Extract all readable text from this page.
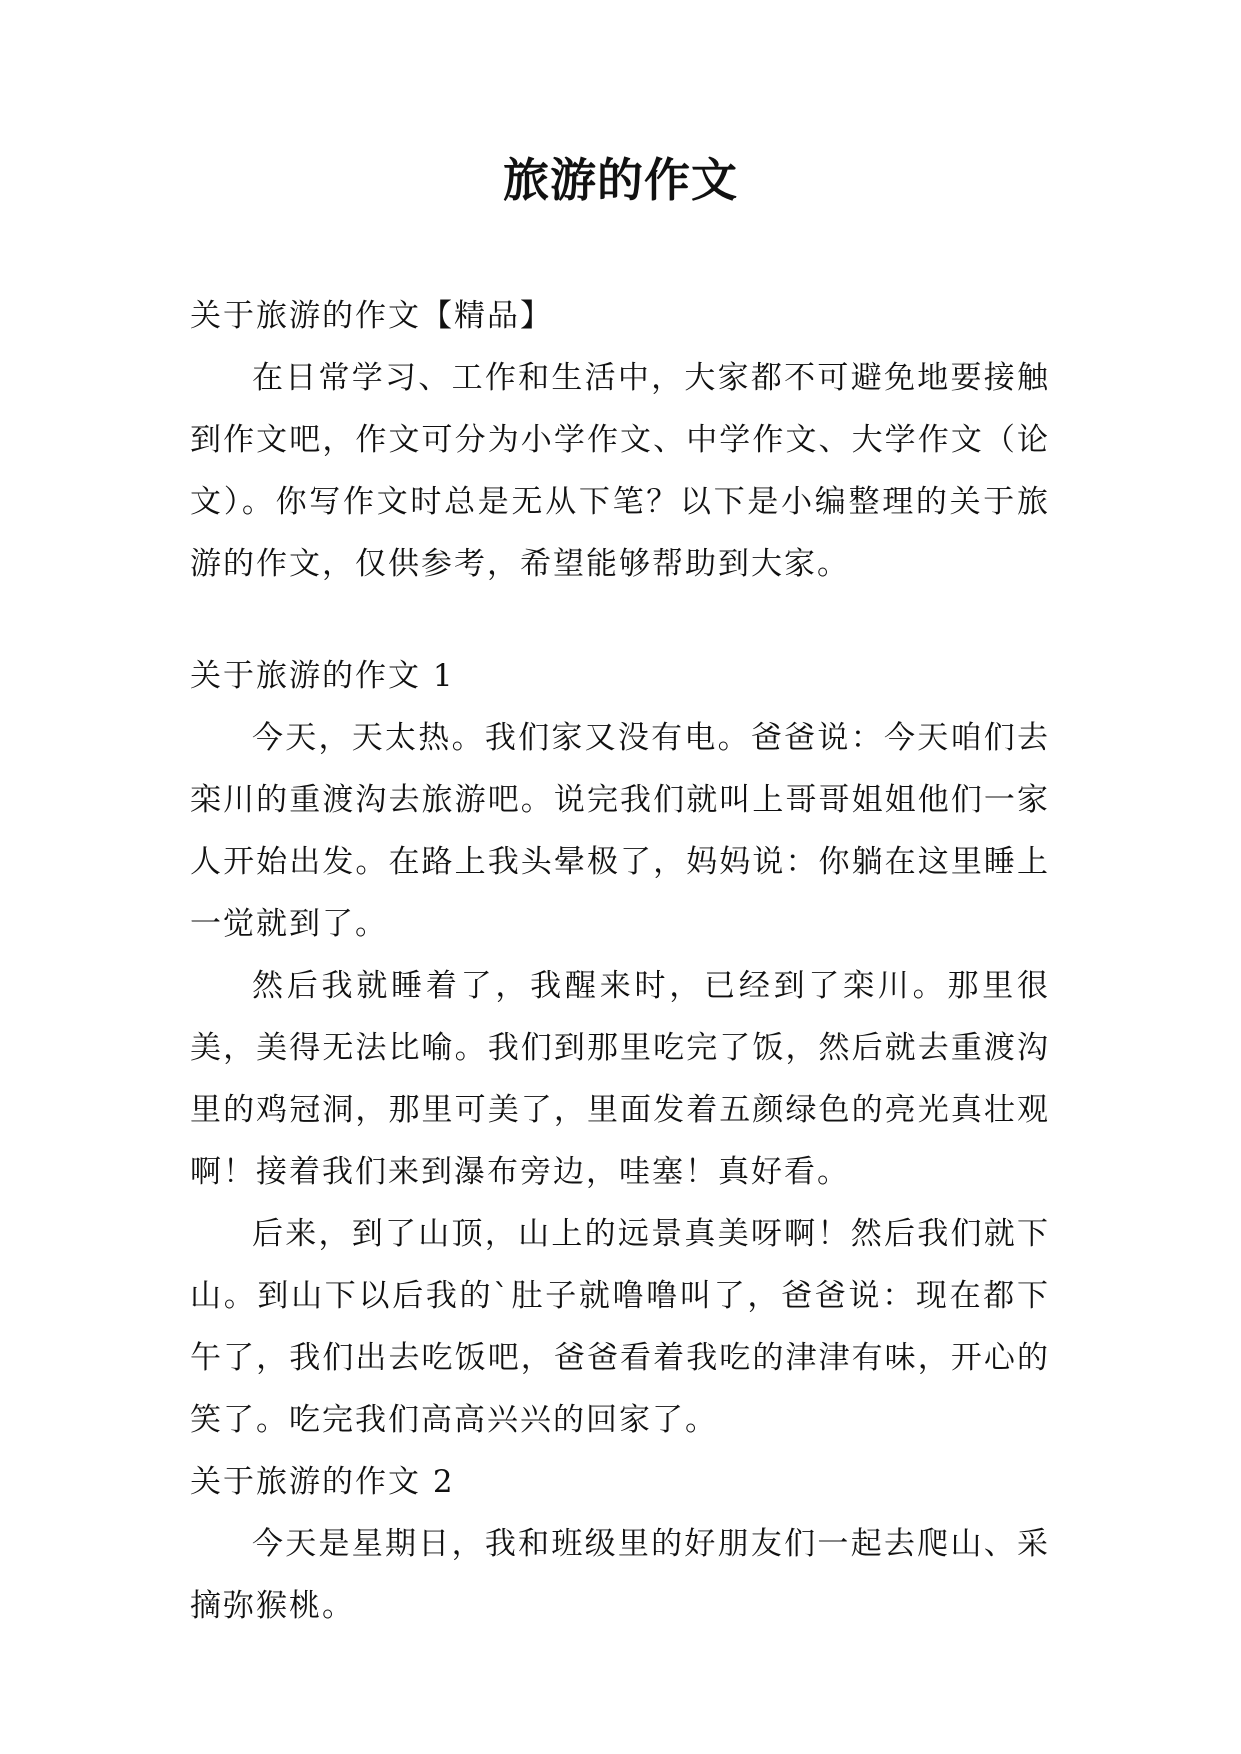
旅游的作文

关于旅游的作文【精品】

在日常学习、工作和生活中，大家都不可避免地要接触到作文吧，作文可分为小学作文、中学作文、大学作文（论文）。你写作文时总是无从下笔？以下是小编整理的关于旅游的作文，仅供参考，希望能够帮助到大家。

关于旅游的作文 1

今天，天太热。我们家又没有电。爸爸说：今天咱们去栾川的重渡沟去旅游吧。说完我们就叫上哥哥姐姐他们一家人开始出发。在路上我头晕极了，妈妈说：你躺在这里睡上一觉就到了。

然后我就睡着了，我醒来时，已经到了栾川。那里很美，美得无法比喻。我们到那里吃完了饭，然后就去重渡沟里的鸡冠洞，那里可美了，里面发着五颜绿色的亮光真壮观啊！接着我们来到瀑布旁边，哇塞！真好看。

后来，到了山顶，山上的远景真美呀啊！然后我们就下山。到山下以后我的`肚子就噜噜叫了，爸爸说：现在都下午了，我们出去吃饭吧，爸爸看着我吃的津津有味，开心的笑了。吃完我们高高兴兴的回家了。

关于旅游的作文 2

今天是星期日，我和班级里的好朋友们一起去爬山、采摘弥猴桃。
